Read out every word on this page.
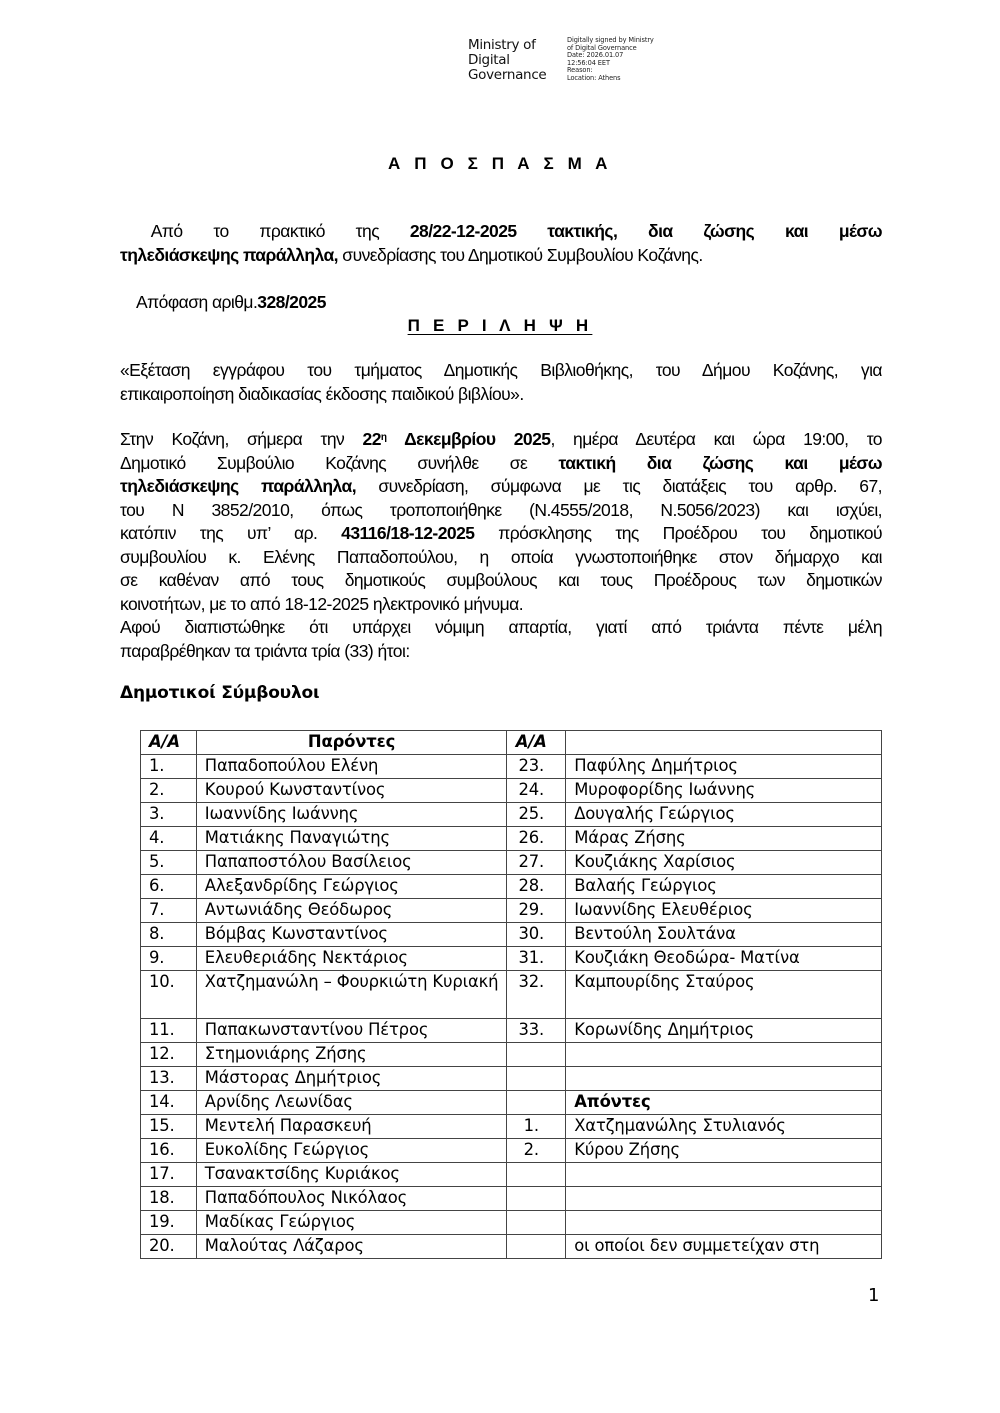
Ministry of
Digital
Governance
Digitally signed by Ministry
of Digital Governance
Date: 2026.01.07
12:56:04 EET
Reason:
Location: Athens
Α Π Ο Σ Π Α Σ Μ Α
Από το πρακτικό της 28/22-12-2025 τακτικής, δια ζώσης και μέσω
τηλεδιάσκεψης παράλληλα, συνεδρίασης του Δημοτικού Συμβουλίου Κοζάνης.
Απόφαση αριθμ.328/2025
Π Ε Ρ Ι Λ Η Ψ Η
«Εξέταση εγγράφου του τμήματος Δημοτικής Βιβλιοθήκης, του Δήμου Κοζάνης, για
επικαιροποίηση διαδικασίας έκδοσης παιδικού βιβλίου».
Στην Κοζάνη, σήμερα την $22^\eta$ Δεκεμβρίου 2025, ημέρα Δευτέρα και ώρα 19:00, το
Δημοτικό Συμβούλιο Κοζάνης συνήλθε σε τακτική δια ζώσης και μέσω
τηλεδιάσκεψης παράλληλα, συνεδρίαση, σύμφωνα με τις διατάξεις του αρθρ. 67,
του Ν 3852/2010, όπως τροποποιήθηκε (Ν.4555/2018, Ν.5056/2023) και ισχύει,
κατόπιν της υπ’ αρ. 43116/18-12-2025 πρόσκλησης της Προέδρου του δημοτικού
συμβουλίου κ. Ελένης Παπαδοπούλου, η οποία γνωστοποιήθηκε στον δήμαρχο και
σε καθέναν από τους δημοτικούς συμβούλους και τους Προέδρους των δημοτικών
κοινοτήτων, με το από 18-12-2025 ηλεκτρονικό μήνυμα.
Αφού διαπιστώθηκε ότι υπάρχει νόμιμη απαρτία, γιατί από τριάντα πέντε μέλη
παραβρέθηκαν τα τριάντα τρία (33) ήτοι:
Δημοτικοί Σύμβουλοι
Α/Α	Παρόντες	Α/Α	
1.	Παπαδοπούλου Ελένη	23.	Παφύλης Δημήτριος
2.	Κουρού Κωνσταντίνος	24.	Μυροφορίδης Ιωάννης
3.	Ιωαννίδης Ιωάννης	25.	Δουγαλής Γεώργιος
4.	Ματιάκης Παναγιώτης	26.	Μάρας Ζήσης
5.	Παπαποστόλου Βασίλειος	27.	Κουζιάκης Χαρίσιος
6.	Αλεξανδρίδης Γεώργιος	28.	Βαλαής Γεώργιος
7.	Αντωνιάδης Θεόδωρος	29.	Ιωαννίδης Ελευθέριος
8.	Βόμβας Κωνσταντίνος	30.	Βεντούλη Σουλτάνα
9.	Ελευθεριάδης Νεκτάριος	31.	Κουζιάκη Θεοδώρα- Ματίνα
10.	Χατζημανώλη – Φουρκιώτη Κυριακή	32.	Καμπουρίδης Σταύρος
11.	Παπακωνσταντίνου Πέτρος	33.	Κορωνίδης Δημήτριος
12.	Στημονιάρης Ζήσης		
13.	Μάστορας Δημήτριος		
14.	Αρνίδης Λεωνίδας		Απόντες
15.	Μεντελή Παρασκευή	1.	Χατζημανώλης Στυλιανός
16.	Ευκολίδης Γεώργιος	2.	Κύρου Ζήσης
17.	Τσανακτσίδης Κυριάκος		
18.	Παπαδόπουλος Νικόλαος		
19.	Μαδίκας Γεώργιος		
20.	Μαλούτας Λάζαρος		οι οποίοι δεν συμμετείχαν στη
1
